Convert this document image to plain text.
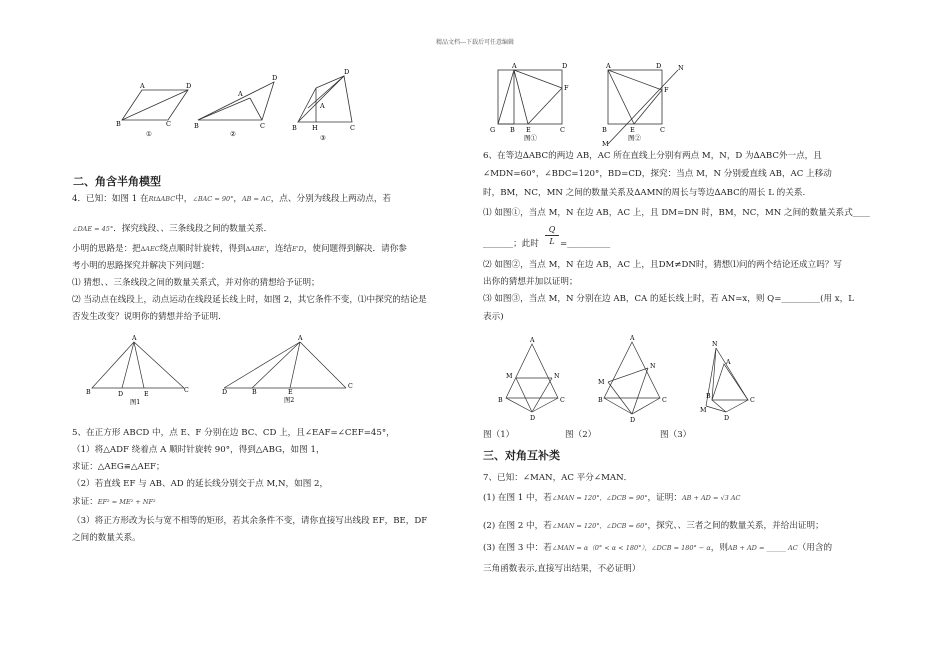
精品文档---下载后可任意编辑
A	D
B	C
①
A
D
B	C
②
A
D
B H	C
③
二、角含半角模型
4．已知：如图 1 在Rt∆ABC中，∠BAC = 90°，AB = AC，点、分别为线段上两动点，若
∠DAE = 45°．探究线段、、三条线段之间的数量关系．
小明的思路是：把∆AEC绕点顺时针旋转，得到∆ABE'，连结E'D，使问题得到解决．请你参
考小明的思路探究并解决下列问题：
⑴ 猜想、、三条线段之间的数量关系式，并对你的猜想给予证明；
⑵ 当动点在线段上，动点运动在线段延长线上时，如图 2，其它条件不变，⑴中探究的结论是
否发生改变？说明你的猜想并给予证明．
A
B	D	E
C
图1
A
D	B	E
C
图2
5、在正方形 ABCD 中，点 E、F 分别在边 BC、CD 上，且∠EAF=∠CEF=45°，
（1）将△ADF 绕着点 A 顺时针旋转 90°，得到△ABG，如图 1，
求证：△AEG≌△AEF；
（2）若直线 EF 与 AB、AD 的延长线分别交于点 M,N，如图 2，
求证：EF² = ME² + NF²
（3）将正方形改为长与宽不相等的矩形，若其余条件不变，请你直接写出线段 EF，BE，DF
之间的数量关系。
A	D
F
G B E	C
图①
A	D	N
F
B	E	C
M
图②
6、在等边∆ABC的两边 AB，AC 所在直线上分别有两点 M，N，D 为∆ABC外一点，且
∠MDN=60°，∠BDC=120°，BD=CD，探究：当点 M，N 分别爱直线 AB，AC 上移动
时，BM，NC，MN 之间的数量关系及∆AMN的周长与等边∆ABC的周长 L 的关系.
⑴ 如图①，当点 M，N 在边 AB，AC 上，且 DM=DN 时，BM，NC，MN 之间的数量关系式____
_______；此时
Q
L =__________
⑵ 如图②，当点 M，N 在边 AB，AC 上，且DM≠DN时，猜想⑴问的两个结论还成立吗？写
出你的猜想并加以证明；
⑶ 如图③，当点 M，N 分别在边 AB，CA 的延长线上时，若 AN=x，则 Q=_________(用 x，L
表示)
A
M	N
B	C
D
A
N
M
B	C
D
N
A
B
M
C
D
图（1）	图（2）	图（3）
三、对角互补类
7、已知：∠MAN，AC 平分∠MAN．
(1) 在图 1 中，若∠MAN = 120°，∠DCB = 90°，证明：AB + AD = √3 AC
(2) 在图 2 中，若∠MAN = 120°，∠DCB = 60°，探究、、三者之间的数量关系，并给出证明；
(3) 在图 3 中：若∠MAN = α（0° < α < 180°），∠DCB = 180° − α，则AB + AD = ______ AC（用含的
三角函数表示,直接写出结果，不必证明）
